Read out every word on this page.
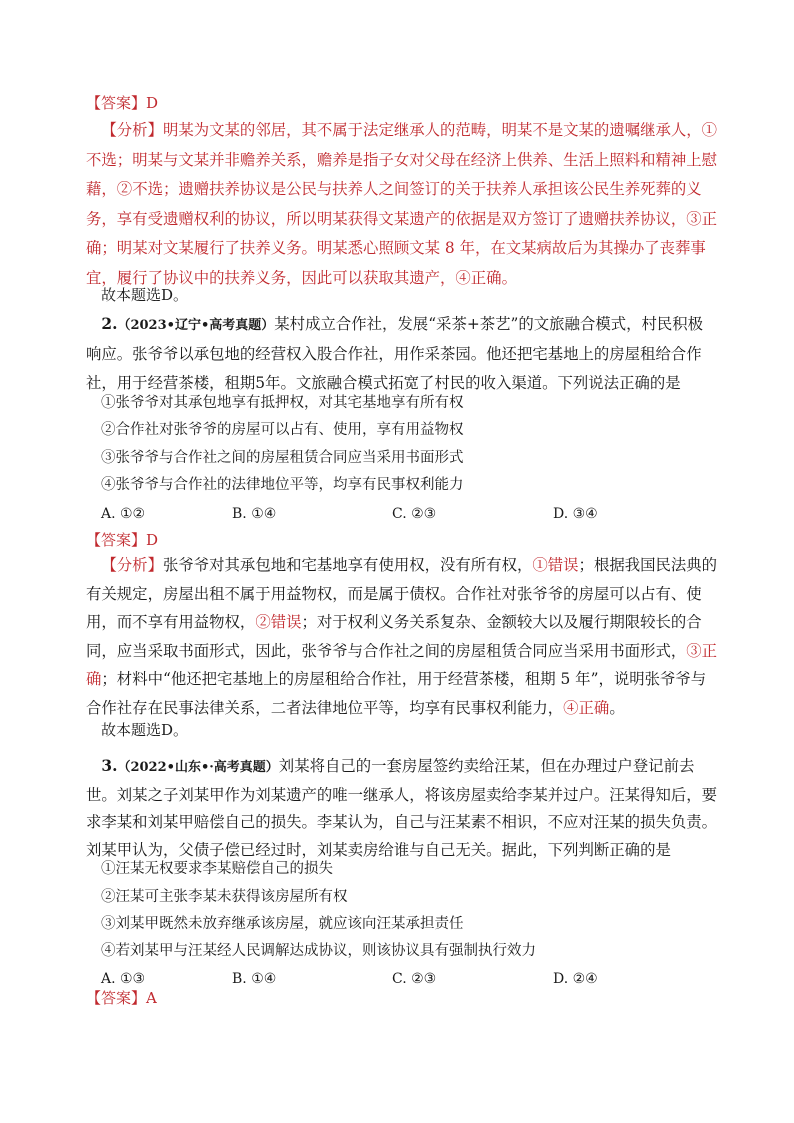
【答案】D

【分析】明某为文某的邻居，其不属于法定继承人的范畴，明某不是文某的遗嘱继承人，①不选；明某与文某并非赡养关系，赡养是指子女对父母在经济上供养、生活上照料和精神上慰藉，②不选；遗赠扶养协议是公民与扶养人之间签订的关于扶养人承担该公民生养死葬的义务，享有受遗赠权利的协议，所以明某获得文某遗产的依据是双方签订了遗赠扶养协议，③正确；明某对文某履行了扶养义务。明某悉心照顾文某 8 年，在文某病故后为其操办了丧葬事宜，履行了协议中的扶养义务，因此可以获取其遗产，④正确。

故本题选D。

2.（2023•辽宁•高考真题）某村成立合作社，发展“采茶+茶艺”的文旅融合模式，村民积极响应。张爷爷以承包地的经营权入股合作社，用作采茶园。他还把宅基地上的房屋租给合作社，用于经营茶楼，租期5年。文旅融合模式拓宽了村民的收入渠道。下列说法正确的是

①张爷爷对其承包地享有抵押权，对其宅基地享有所有权
②合作社对张爷爷的房屋可以占有、使用，享有用益物权
③张爷爷与合作社之间的房屋租赁合同应当采用书面形式
④张爷爷与合作社的法律地位平等，均享有民事权利能力
A. ①②	B. ①④	C. ②③	D. ③④
【答案】D

【分析】张爷爷对其承包地和宅基地享有使用权，没有所有权，①错误；根据我国民法典的有关规定，房屋出租不属于用益物权，而是属于债权。合作社对张爷爷的房屋可以占有、使用，而不享有用益物权，②错误；对于权利义务关系复杂、金额较大以及履行期限较长的合同，应当采取书面形式，因此，张爷爷与合作社之间的房屋租赁合同应当采用书面形式，③正确；材料中“他还把宅基地上的房屋租给合作社，用于经营茶楼，租期 5 年”，说明张爷爷与合作社存在民事法律关系，二者法律地位平等，均享有民事权利能力，④正确。

故本题选D。

3.（2022•山东•·高考真题）刘某将自己的一套房屋签约卖给汪某，但在办理过户登记前去世。刘某之子刘某甲作为刘某遗产的唯一继承人，将该房屋卖给李某并过户。汪某得知后，要求李某和刘某甲赔偿自己的损失。李某认为，自己与汪某素不相识，不应对汪某的损失负责。刘某甲认为，父债子偿已经过时，刘某卖房给谁与自己无关。据此，下列判断正确的是

①汪某无权要求李某赔偿自己的损失
②汪某可主张李某未获得该房屋所有权
③刘某甲既然未放弃继承该房屋，就应该向汪某承担责任
④若刘某甲与汪某经人民调解达成协议，则该协议具有强制执行效力
A. ①③	B. ①④	C. ②③	D. ②④
【答案】A
